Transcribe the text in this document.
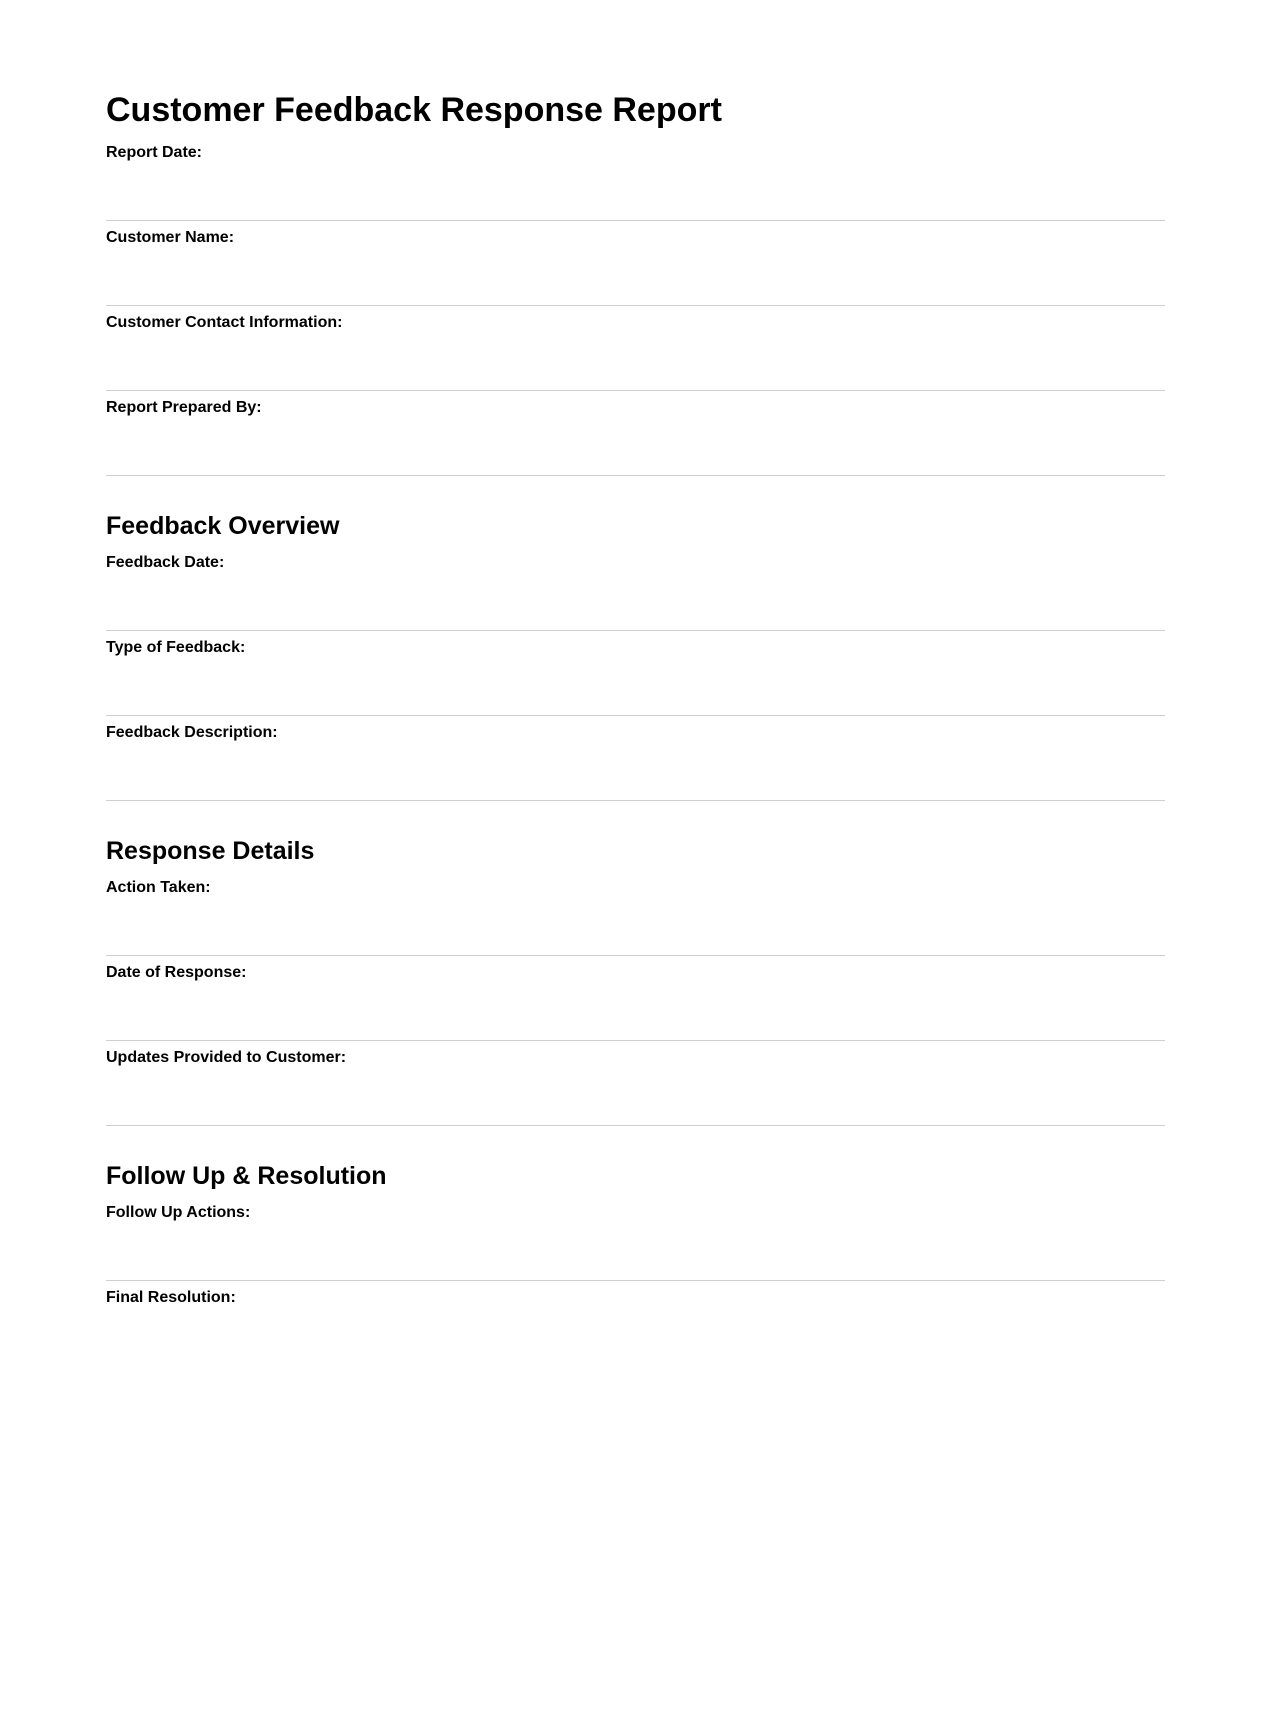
Customer Feedback Response Report
Report Date:
Customer Name:
Customer Contact Information:
Report Prepared By:
Feedback Overview
Feedback Date:
Type of Feedback:
Feedback Description:
Response Details
Action Taken:
Date of Response:
Updates Provided to Customer:
Follow Up & Resolution
Follow Up Actions:
Final Resolution:
